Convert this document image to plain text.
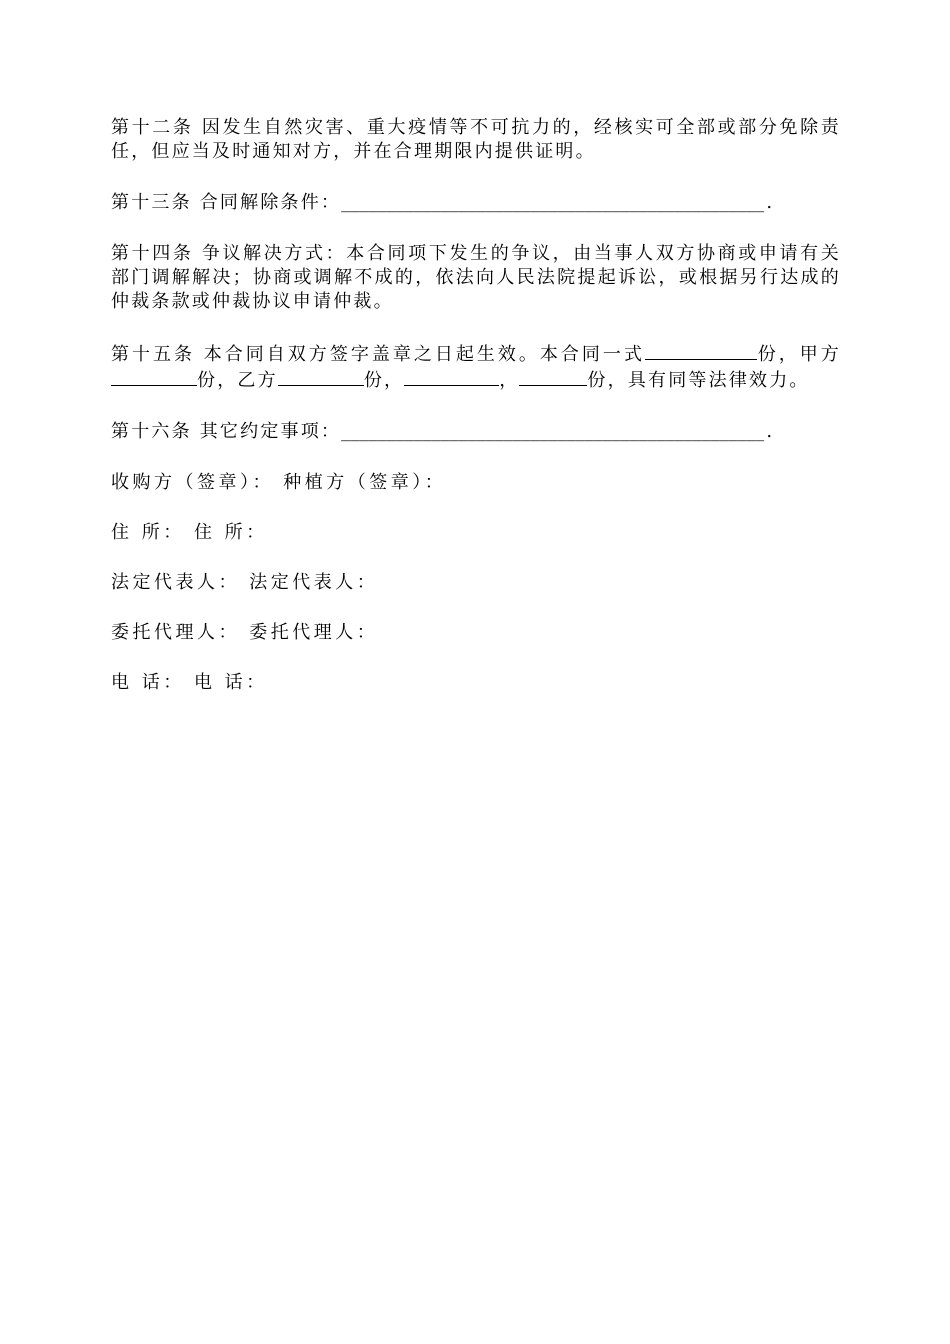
第十二条 因发生自然灾害、重大疫情等不可抗力的，经核实可全部或部分免除责任，但应当及时通知对方，并在合理期限内提供证明。

第十三条 合同解除条件：_______________________________________________.

第十四条 争议解决方式：本合同项下发生的争议，由当事人双方协商或申请有关部门调解解决；协商或调解不成的，依法向人民法院提起诉讼，或根据另行达成的仲裁条款或仲裁协议申请仲裁。

第十五条 本合同自双方签字盖章之日起生效。本合同一式	份，甲方份，乙方	份，	，	份，具有同等法律效力。

第十六条 其它约定事项：_______________________________________________.

收购方（签章）： 种植方（签章）：
住 所： 住 所：
法定代表人： 法定代表人：
委托代理人： 委托代理人：
电 话： 电 话：
